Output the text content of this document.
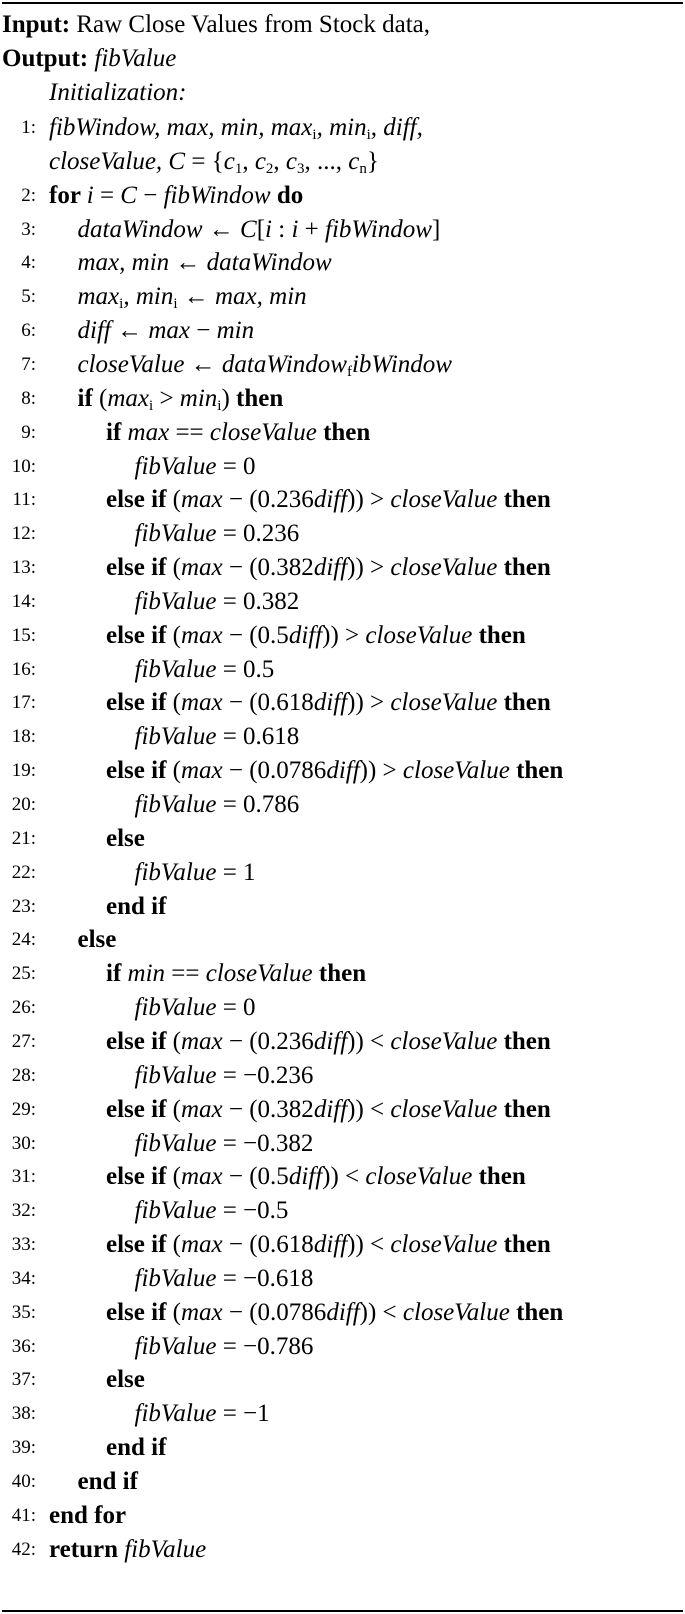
Input: Raw Close Values from Stock data,
Output: fibValue
Initialization:
1: fibWindow, max, min, $\max_i$, $\min_i$, diff,
closeValue, $C = \{c_1$, $c_2$, $c_3$, ..., $c_n$}
2: for i = C − fibWindow do
3: dataWindow ← C[i : i + fibWindow]
4: max, min ← dataWindow
5: $\max_i$, $\min_i$ ← max, min
6: diff ← max − min
7: closeValue ← dataWindow$_f$ibWindow
8: if $(\max_i > \min_i)$ then
9:	if max == closeValue then
10:	fibValue = 0
11:	else if (max − (0.236diff)) > closeValue then
12:	fibValue = 0.236
13:	else if (max − (0.382diff)) > closeValue then
14:	fibValue = 0.382
15:	else if (max − (0.5diff)) > closeValue then
16:	fibValue = 0.5
17:	else if (max − (0.618diff)) > closeValue then
18:	fibValue = 0.618
19:	else if (max − (0.0786diff)) > closeValue then
20:	fibValue = 0.786
21:	else
22:	fibValue = 1
23:	end if
24: else
25:	if min == closeValue then
26:	fibValue = 0
27:	else if (max − (0.236diff)) < closeValue then
28:	fibValue = −0.236
29:	else if (max − (0.382diff)) < closeValue then
30:	fibValue = −0.382
31:	else if (max − (0.5diff)) < closeValue then
32:	fibValue = −0.5
33:	else if (max − (0.618diff)) < closeValue then
34:	fibValue = −0.618
35:	else if (max − (0.0786diff)) < closeValue then
36:	fibValue = −0.786
37:	else
38:	fibValue = −1
39:	end if
40: end if
41: end for
42: return fibValue
